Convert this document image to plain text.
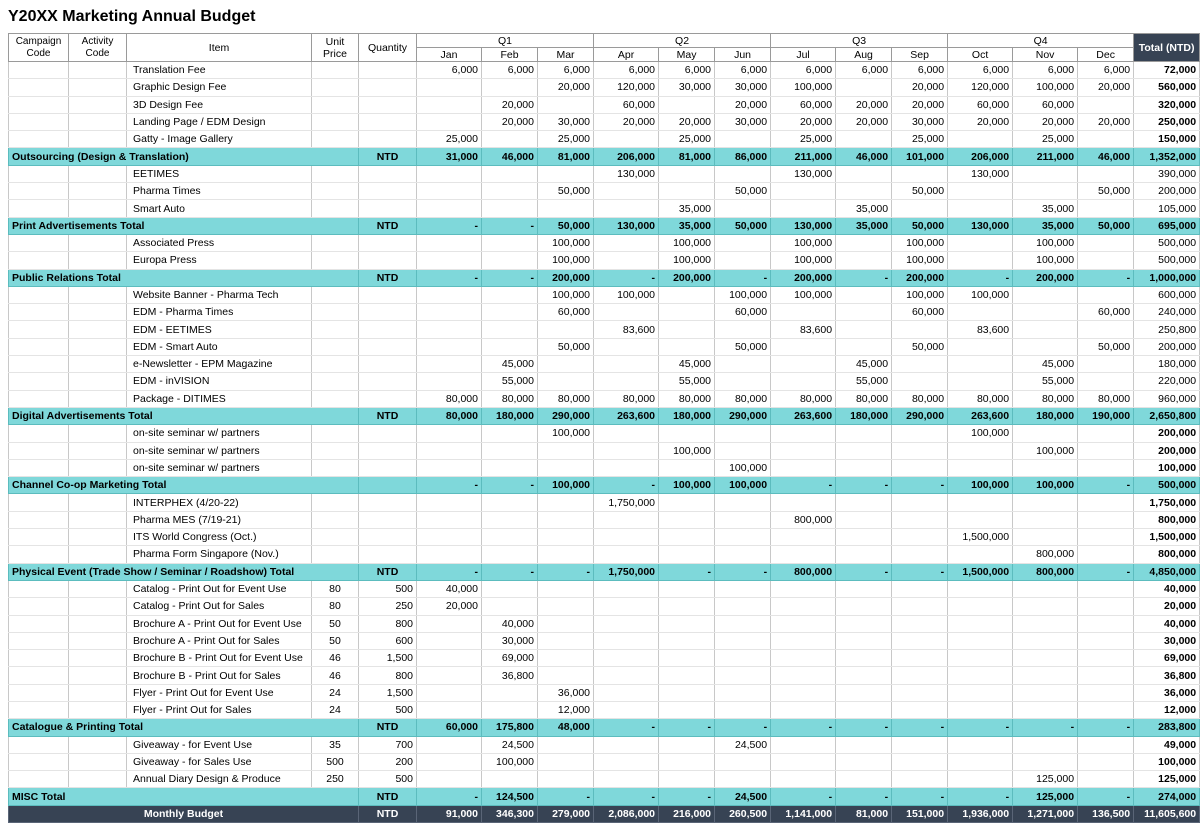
Y20XX Marketing Annual Budget
Campaign Code	Activity Code	Item	Unit Price	Quantity	Q1			Q2			Q3			Q4			Total (NTD)
					Jan	Feb	Mar	Apr	May	Jun	Jul	Aug	Sep	Oct	Nov	Dec	
		Translation Fee			6,000	6,000	6,000	6,000	6,000	6,000	6,000	6,000	6,000	6,000	6,000	6,000	72,000
		Graphic Design Fee					20,000	120,000	30,000	30,000	100,000		20,000	120,000	100,000	20,000	560,000
		3D Design Fee				20,000		60,000		20,000	60,000	20,000	20,000	60,000	60,000		320,000
		Landing Page / EDM Design				20,000	30,000	20,000	20,000	30,000	20,000	20,000	30,000	20,000	20,000	20,000	250,000
		Gatty - Image Gallery			25,000		25,000		25,000		25,000		25,000		25,000		150,000
Outsourcing (Design & Translation)				NTD	31,000	46,000	81,000	206,000	81,000	86,000	211,000	46,000	101,000	206,000	211,000	46,000	1,352,000
		EETIMES						130,000			130,000			130,000			390,000
		Pharma Times					50,000			50,000			50,000			50,000	200,000
		Smart Auto							35,000			35,000			35,000		105,000
Print Advertisements Total				NTD	-	-	50,000	130,000	35,000	50,000	130,000	35,000	50,000	130,000	35,000	50,000	695,000
		Associated Press					100,000		100,000		100,000		100,000		100,000		500,000
		Europa Press					100,000		100,000		100,000		100,000		100,000		500,000
Public Relations Total				NTD	-	-	200,000	-	200,000	-	200,000	-	200,000	-	200,000	-	1,000,000
		Website Banner - Pharma Tech					100,000	100,000		100,000	100,000		100,000	100,000			600,000
		EDM - Pharma Times					60,000			60,000			60,000			60,000	240,000
		EDM - EETIMES						83,600			83,600			83,600			250,800
		EDM - Smart Auto					50,000			50,000			50,000			50,000	200,000
		e-Newsletter - EPM Magazine				45,000			45,000			45,000			45,000		180,000
		EDM - inVISION				55,000			55,000			55,000			55,000		220,000
		Package - DITIMES			80,000	80,000	80,000	80,000	80,000	80,000	80,000	80,000	80,000	80,000	80,000	80,000	960,000
Digital Advertisements Total				NTD	80,000	180,000	290,000	263,600	180,000	290,000	263,600	180,000	290,000	263,600	180,000	190,000	2,650,800
		on-site seminar w/ partners					100,000							100,000			200,000
		on-site seminar w/ partners							100,000						100,000		200,000
		on-site seminar w/ partners								100,000							100,000
Channel Co-op Marketing Total					-	-	100,000	-	100,000	100,000	-	-	-	100,000	100,000	-	500,000
		INTERPHEX (4/20-22)						1,750,000									1,750,000
		Pharma MES (7/19-21)									800,000						800,000
		ITS World Congress (Oct.)												1,500,000			1,500,000
		Pharma Form Singapore (Nov.)													800,000		800,000
Physical Event (Trade Show / Seminar / Roadshow) Total				NTD	-	-	-	1,750,000	-	-	800,000	-	-	1,500,000	800,000	-	4,850,000
		Catalog - Print Out for Event Use	80	500	40,000												40,000
		Catalog - Print Out for Sales	80	250	20,000												20,000
		Brochure A - Print Out for Event Use	50	800		40,000											40,000
		Brochure A - Print Out for Sales	50	600		30,000											30,000
		Brochure B - Print Out for Event Use	46	1,500		69,000											69,000
		Brochure B - Print Out for Sales	46	800		36,800											36,800
		Flyer - Print Out for Event Use	24	1,500			36,000										36,000
		Flyer - Print Out for Sales	24	500			12,000										12,000
Catalogue & Printing Total				NTD	60,000	175,800	48,000	-	-	-	-	-	-	-	-	-	283,800
		Giveaway - for Event Use	35	700		24,500				24,500							49,000
		Giveaway - for Sales Use	500	200		100,000											100,000
		Annual Diary Design & Produce	250	500											125,000		125,000
MISC Total				NTD	-	124,500	-	-	-	24,500	-	-	-	-	125,000	-	274,000
Monthly Budget				NTD	91,000	346,300	279,000	2,086,000	216,000	260,500	1,141,000	81,000	151,000	1,936,000	1,271,000	136,500	11,605,600
